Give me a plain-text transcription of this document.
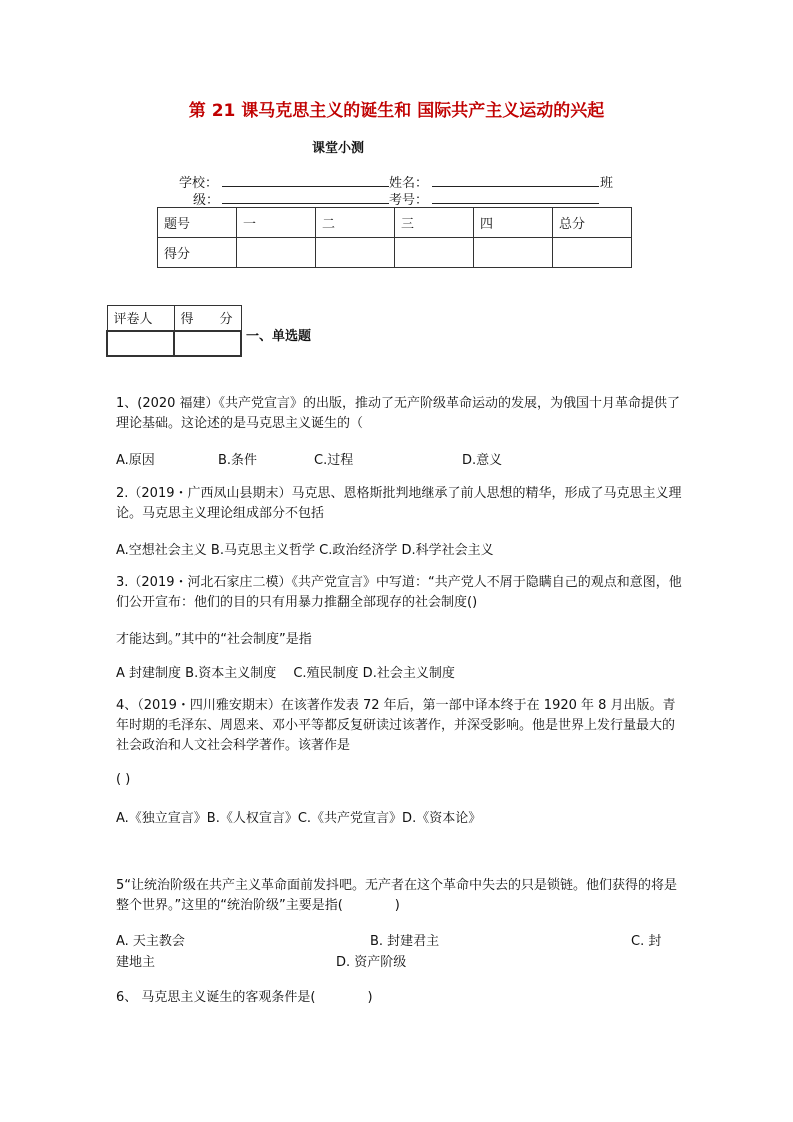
第 21 课马克思主义的诞生和 国际共产主义运动的兴起
课堂小测
学校：	姓名：	班
级：	考号：
题号	一	二	三	四	总分
得分					
评卷人	得　　分

一、单选题
1、(2020 福建）《共产党宣言》的出版，推动了无产阶级革命运动的发展，为俄国十月革命提供了理论基础。这论述的是马克思主义诞生的（
A.原因	B.条件	C.过程	D.意义
2.（2019・广西凤山县期末）马克思、恩格斯批判地继承了前人思想的精华，形成了马克思主义理论。马克思主义理论组成部分不包括
A.空想社会主义 B.马克思主义哲学 C.政治经济学 D.科学社会主义
3.（2019・河北石家庄二模）《共产党宣言》中写道：“共产党人不屑于隐瞒自己的观点和意图，他们公开宣布：他们的目的只有用暴力推翻全部现存的社会制度()
才能达到。”其中的“社会制度”是指
A 封建制度 B.资本主义制度　 C.殖民制度 D.社会主义制度
4、（2019・四川雅安期末）在该著作发表 72 年后，第一部中译本终于在 1920 年 8 月出版。青年时期的毛泽东、周恩来、邓小平等都反复研读过该著作，并深受影响。他是世界上发行量最大的社会政治和人文社会科学著作。该著作是
( )
A.《独立宣言》B.《人权宣言》C.《共产党宣言》D.《资本论》
5“让统治阶级在共产主义革命面前发抖吧。无产者在这个革命中失去的只是锁链。他们获得的将是整个世界。”这里的“统治阶级”主要是指(　　　　)
A. 天主教会	B. 封建君主	C. 封
建地主	D. 资产阶级
6、 马克思主义诞生的客观条件是(　　　　)
